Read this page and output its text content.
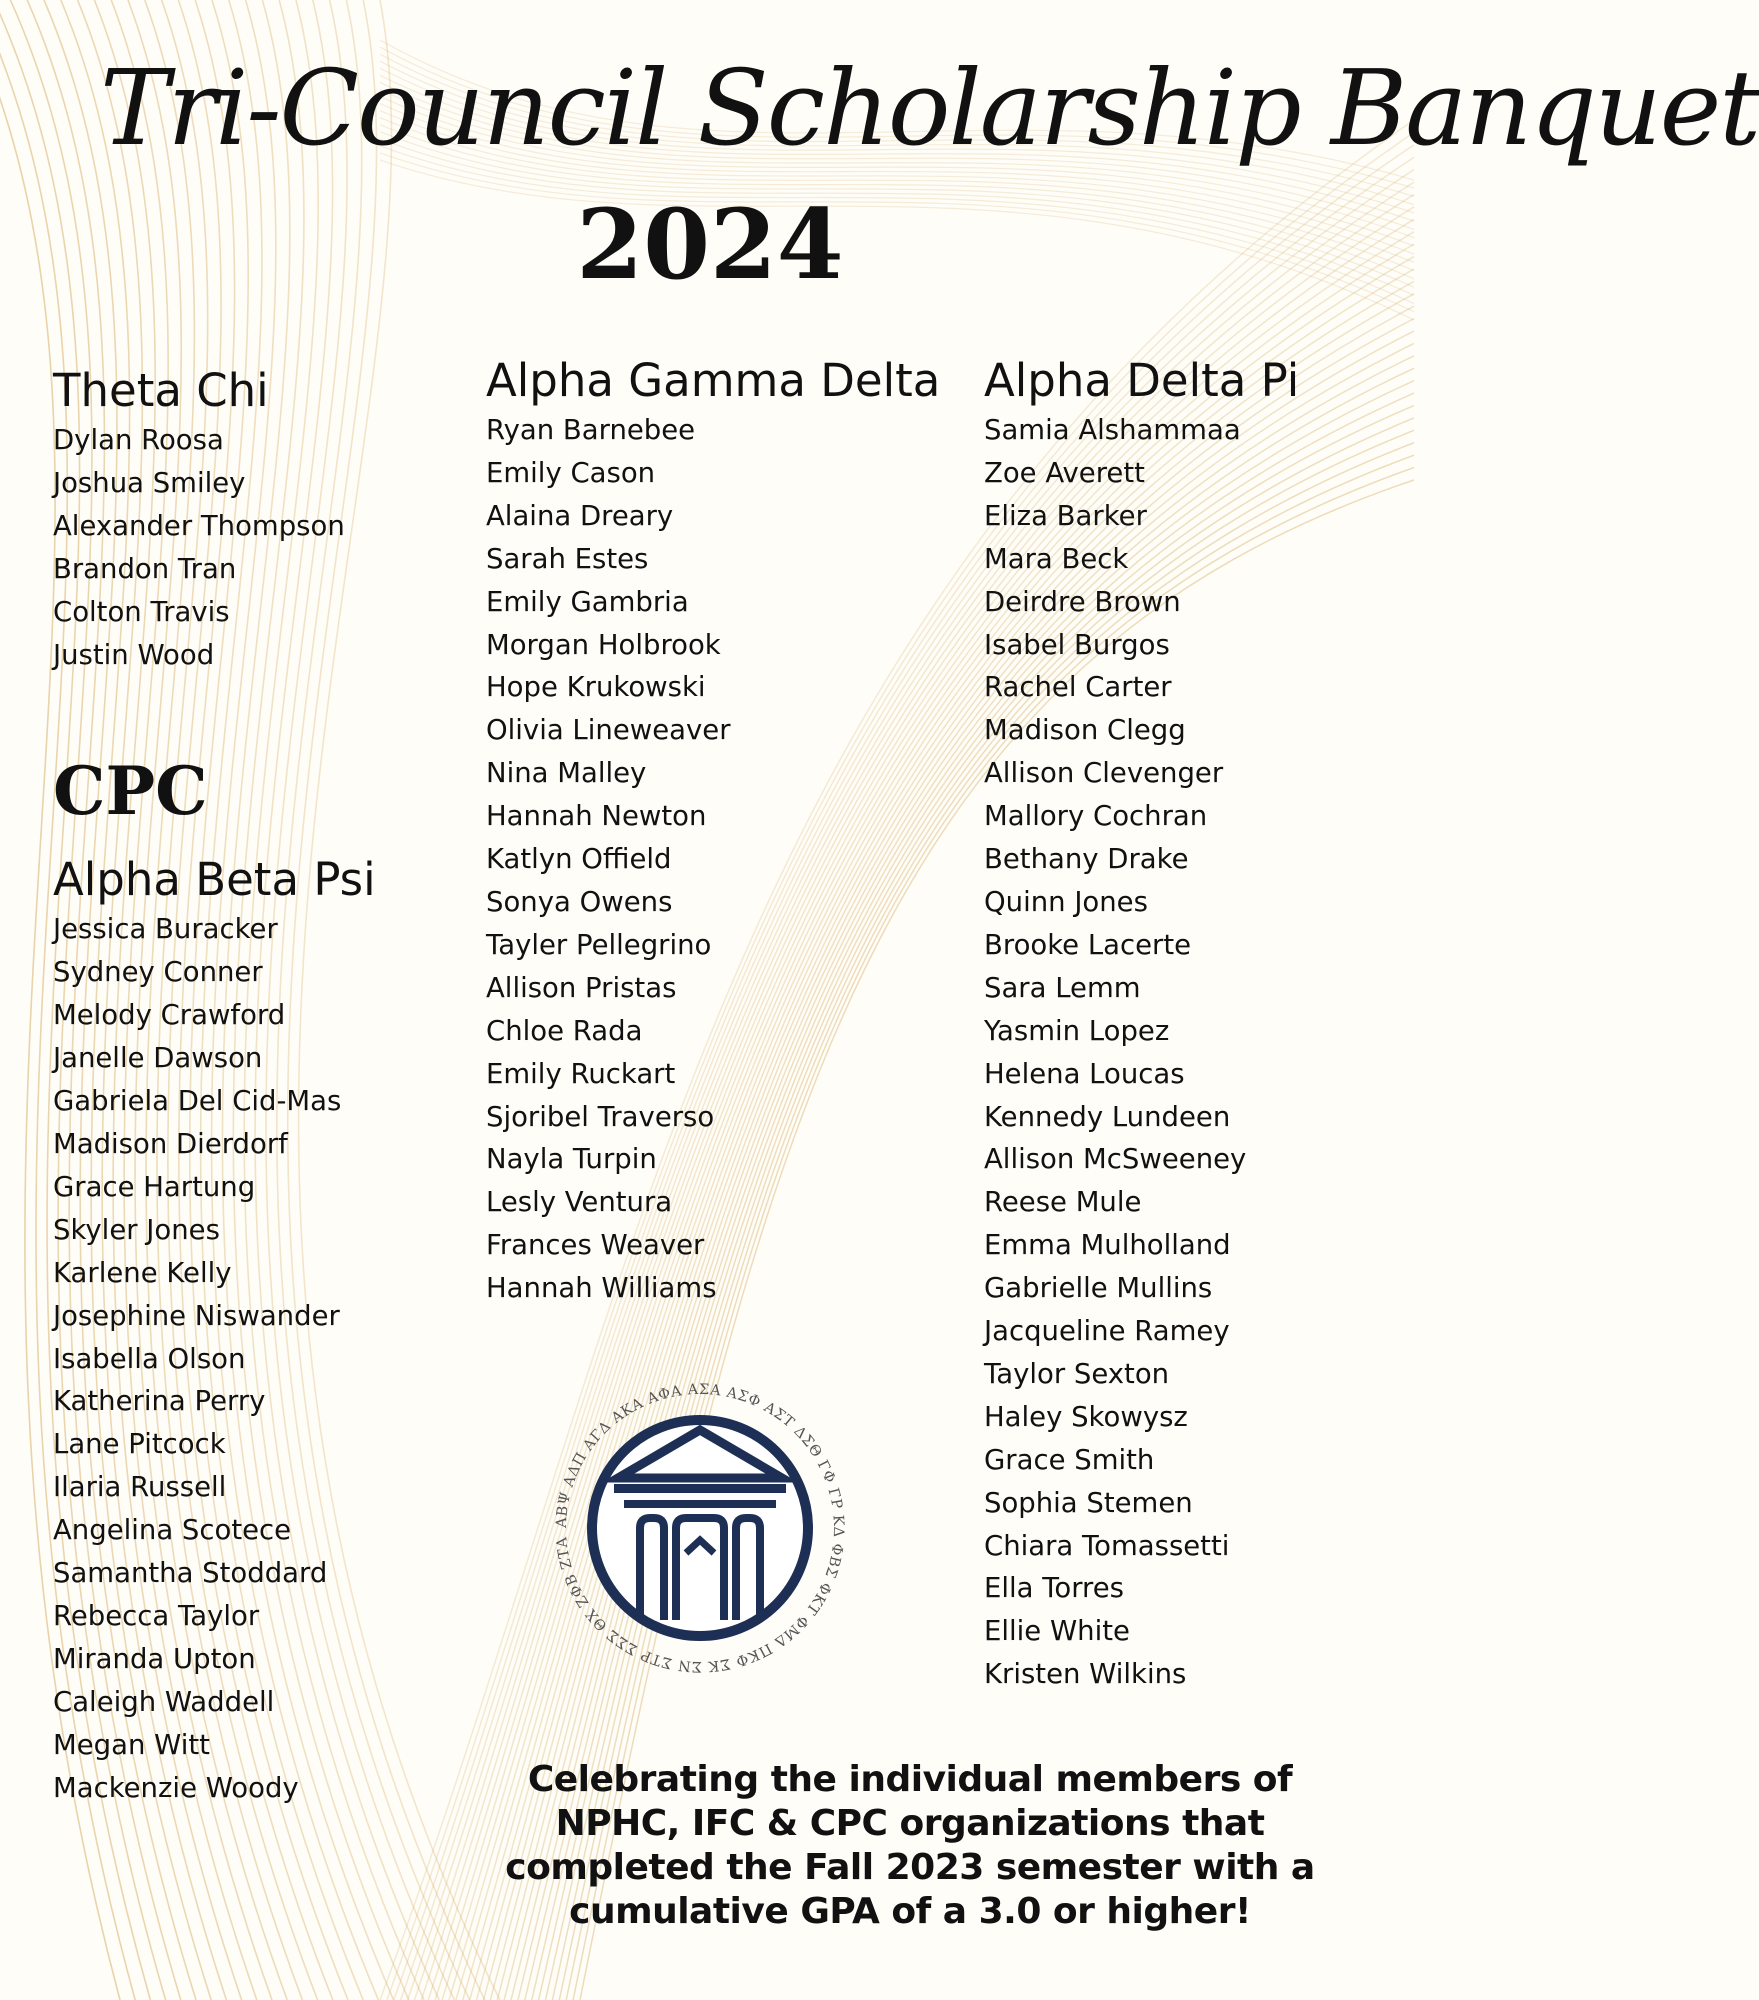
Tri-Council Scholarship Banquet
2024
Theta Chi
Dylan Roosa
Joshua Smiley
Alexander Thompson
Brandon Tran
Colton Travis
Justin Wood
CPC
Alpha Beta Psi
Jessica Buracker
Sydney Conner
Melody Crawford
Janelle Dawson
Gabriela Del Cid-Mas
Madison Dierdorf
Grace Hartung
Skyler Jones
Karlene Kelly
Josephine Niswander
Isabella Olson
Katherina Perry
Lane Pitcock
Ilaria Russell
Angelina Scotece
Samantha Stoddard
Rebecca Taylor
Miranda Upton
Caleigh Waddell
Megan Witt
Mackenzie Woody
Alpha Gamma Delta
Ryan Barnebee
Emily Cason
Alaina Dreary
Sarah Estes
Emily Gambria
Morgan Holbrook
Hope Krukowski
Olivia Lineweaver
Nina Malley
Hannah Newton
Katlyn Offield
Sonya Owens
Tayler Pellegrino
Allison Pristas
Chloe Rada
Emily Ruckart
Sjoribel Traverso
Nayla Turpin
Lesly Ventura
Frances Weaver
Hannah Williams
Alpha Delta Pi
Samia Alshammaa
Zoe Averett
Eliza Barker
Mara Beck
Deirdre Brown
Isabel Burgos
Rachel Carter
Madison Clegg
Allison Clevenger
Mallory Cochran
Bethany Drake
Quinn Jones
Brooke Lacerte
Sara Lemm
Yasmin Lopez
Helena Loucas
Kennedy Lundeen
Allison McSweeney
Reese Mule
Emma Mulholland
Gabrielle Mullins
Jacqueline Ramey
Taylor Sexton
Haley Skowysz
Grace Smith
Sophia Stemen
Chiara Tomassetti
Ella Torres
Ellie White
Kristen Wilkins
ΑΒΨ ΑΔΠ ΑΓΔ ΑΚΑ ΑΦΑ ΑΣΑ ΑΣΦ ΑΣΤ ΔΣΘ ΓΦ ΓΡ ΚΔ ΦΒΣ ΦΚΤ ΦΜΔ ΠΚΦ ΣΚ ΣΝ ΣΤΡ ΣΣΣ ΘΧ ΖΦΒ ΖΤΑ
Celebrating the individual members of
NPHC, IFC & CPC organizations that
completed the Fall 2023 semester with a
cumulative GPA of a 3.0 or higher!
